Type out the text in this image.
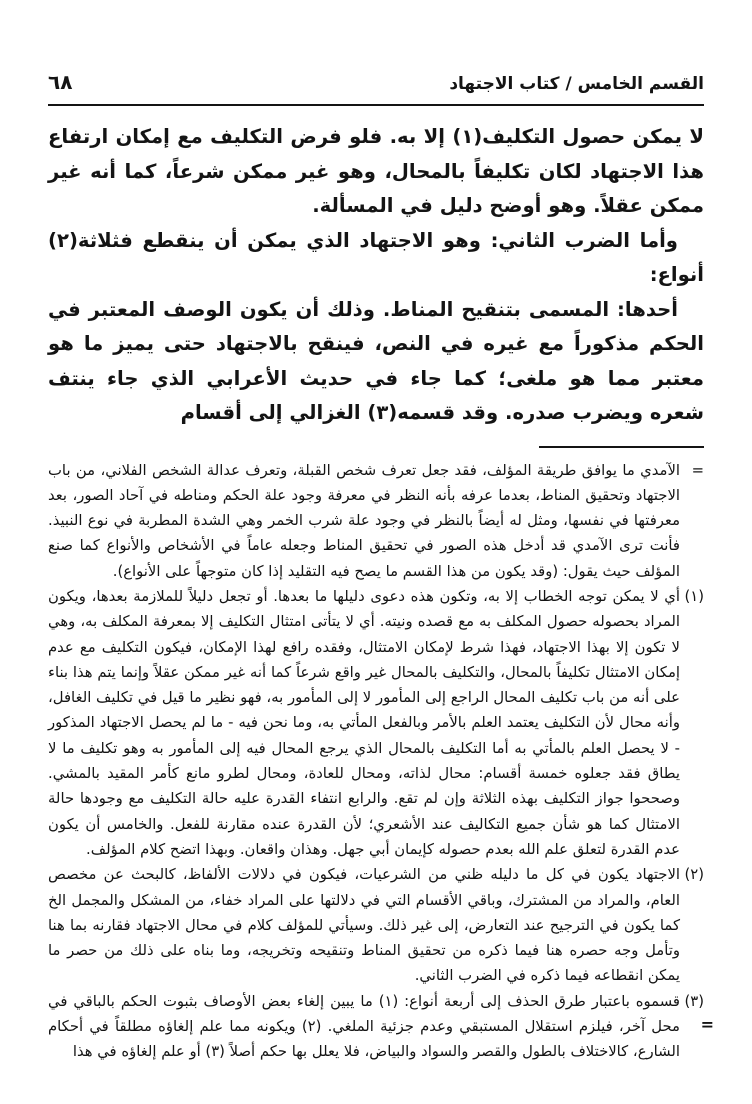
القسم الخامس / كتاب الاجتهاد
٦٨

لا يمكن حصول التكليف(١) إلا به. فلو فرض التكليف مع إمكان ارتفاع هذا الاجتهاد لكان تكليفاً بالمحال، وهو غير ممكن شرعاً، كما أنه غير ممكن عقلاً. وهو أوضح دليل في المسألة.

وأما الضرب الثاني: وهو الاجتهاد الذي يمكن أن ينقطع فثلاثة(٢) أنواع:

أحدها: المسمى بتنقيح المناط. وذلك أن يكون الوصف المعتبر في الحكم مذكوراً مع غيره في النص، فينقح بالاجتهاد حتى يميز ما هو معتبر مما هو ملغى؛ كما جاء في حديث الأعرابي الذي جاء ينتف شعره ويضرب صدره. وقد قسمه(٣) الغزالي إلى أقسام

=
الآمدي ما يوافق طريقة المؤلف، فقد جعل تعرف شخص القبلة، وتعرف عدالة الشخص الفلاني، من باب الاجتهاد وتحقيق المناط، بعدما عرفه بأنه النظر في معرفة وجود علة الحكم ومناطه في آحاد الصور، بعد معرفتها في نفسها، ومثل له أيضاً بالنظر في وجود علة شرب الخمر وهي الشدة المطربة في نوع النبيذ. فأنت ترى الآمدي قد أدخل هذه الصور في تحقيق المناط وجعله عاماً في الأشخاص والأنواع كما صنع المؤلف حيث يقول: (وقد يكون من هذا القسم ما يصح فيه التقليد إذا كان متوجهاً على الأنواع).
(١)
أي لا يمكن توجه الخطاب إلا به، وتكون هذه دعوى دليلها ما بعدها. أو تجعل دليلاً للملازمة بعدها، ويكون المراد بحصوله حصول المكلف به مع قصده ونيته. أي لا يتأتى امتثال التكليف إلا بمعرفة المكلف به، وهي لا تكون إلا بهذا الاجتهاد، فهذا شرط لإمكان الامتثال، وفقده رافع لهذا الإمكان، فيكون التكليف مع عدم إمكان الامتثال تكليفاً بالمحال، والتكليف بالمحال غير واقع شرعاً كما أنه غير ممكن عقلاً وإنما يتم هذا بناء على أنه من باب تكليف المحال الراجع إلى المأمور لا إلى المأمور به، فهو نظير ما قيل في تكليف الغافل، وأنه محال لأن التكليف يعتمد العلم بالأمر وبالفعل المأتي به، وما نحن فيه - ما لم يحصل الاجتهاد المذكور - لا يحصل العلم بالمأتي به أما التكليف بالمحال الذي يرجع المحال فيه إلى المأمور به وهو تكليف ما لا يطاق فقد جعلوه خمسة أقسام: محال لذاته، ومحال للعادة، ومحال لطرو مانع كأمر المقيد بالمشي. وصححوا جواز التكليف بهذه الثلاثة وإن لم تقع. والرابع انتفاء القدرة عليه حالة التكليف مع وجودها حالة الامتثال كما هو شأن جميع التكاليف عند الأشعري؛ لأن القدرة عنده مقارنة للفعل. والخامس أن يكون عدم القدرة لتعلق علم الله بعدم حصوله كإيمان أبي جهل. وهذان واقعان. وبهذا اتضح كلام المؤلف.
(٢)
الاجتهاد يكون في كل ما دليله ظني من الشرعيات، فيكون في دلالات الألفاظ، كالبحث عن مخصص العام، والمراد من المشترك، وباقي الأقسام التي في دلالتها على المراد خفاء، من المشكل والمجمل الخ كما يكون في الترجيح عند التعارض، إلى غير ذلك. وسيأتي للمؤلف كلام في محال الاجتهاد فقارنه بما هنا وتأمل وجه حصره هنا فيما ذكره من تحقيق المناط وتنقيحه وتخريجه، وما بناه على ذلك من حصر ما يمكن انقطاعه فيما ذكره في الضرب الثاني.
(٣)
قسموه باعتبار طرق الحذف إلى أربعة أنواع: (١) ما يبين إلغاء بعض الأوصاف بثبوت الحكم بالباقي في محل آخر، فيلزم استقلال المستبقي وعدم جزئية الملغي. (٢) ويكونه مما علم إلغاؤه مطلقاً في أحكام الشارع، كالاختلاف بالطول والقصر والسواد والبياض، فلا يعلل بها حكم أصلاً (٣) أو علم إلغاؤه في هذا
=
